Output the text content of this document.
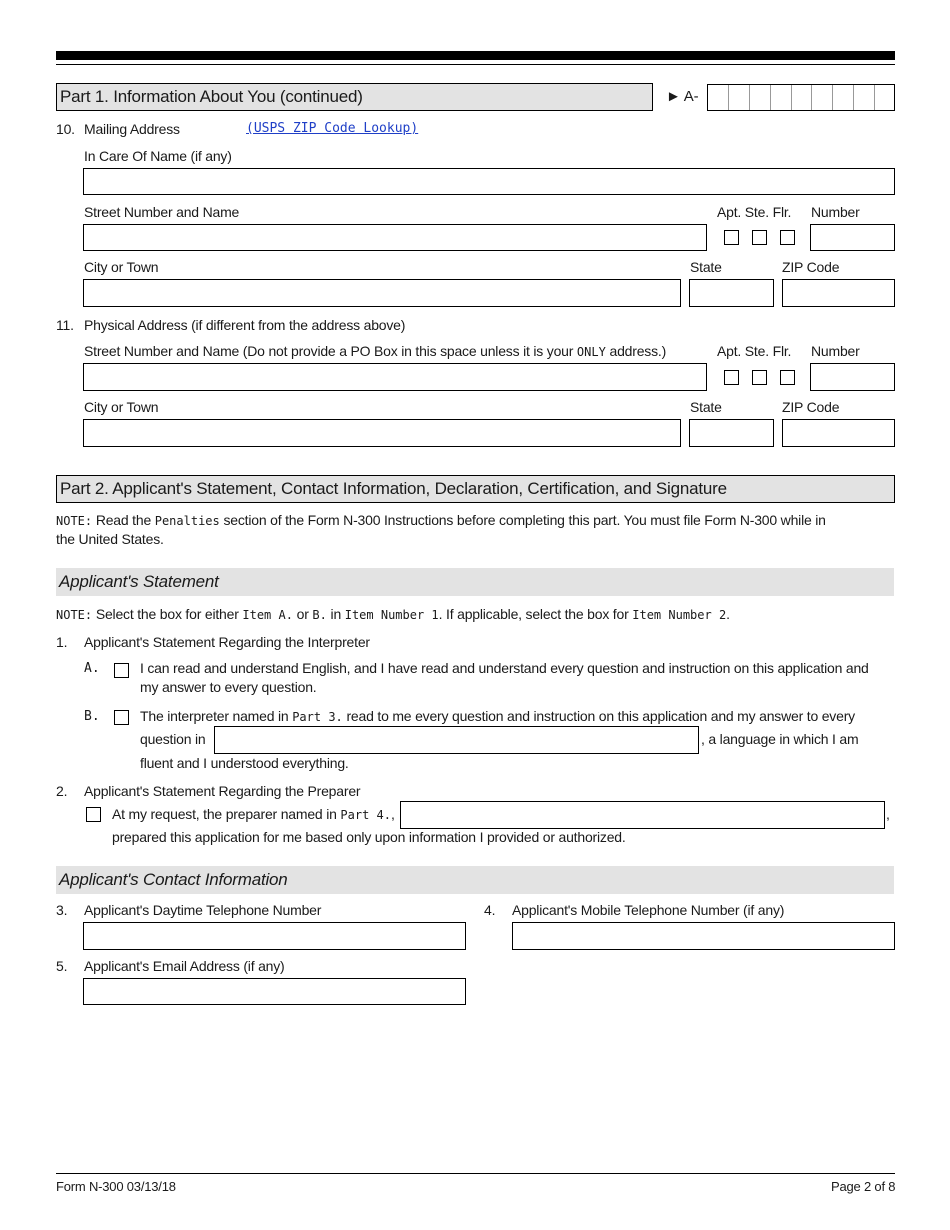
Part 1. Information About You (continued)	► A-
10. Mailing Address	(USPS ZIP Code Lookup)
In Care Of Name (if any)
Street Number and Name	Apt. Ste. Flr. Number
City or Town	State	ZIP Code
11. Physical Address (if different from the address above)
Street Number and Name (Do not provide a PO Box in this space unless it is your ONLY address.)	Apt. Ste. Flr. Number
City or Town	State	ZIP Code
Part 2. Applicant's Statement, Contact Information, Declaration, Certification, and Signature
NOTE: Read the Penalties section of the Form N-300 Instructions before completing this part. You must file Form N-300 while in
the United States.
Applicant's Statement
NOTE: Select the box for either Item A. or B. in Item Number 1. If applicable, select the box for Item Number 2.
1. Applicant's Statement Regarding the Interpreter
A.	I can read and understand English, and I have read and understand every question and instruction on this application and
my answer to every question.
B.	The interpreter named in Part 3. read to me every question and instruction on this application and my answer to every
question in	, a language in which I am
fluent and I understood everything.
2. Applicant's Statement Regarding the Preparer
At my request, the preparer named in Part 4.,	,
prepared this application for me based only upon information I provided or authorized.
Applicant's Contact Information
3. Applicant's Daytime Telephone Number	4. Applicant's Mobile Telephone Number (if any)
5. Applicant's Email Address (if any)
Form N-300 03/13/18	Page 2 of 8
